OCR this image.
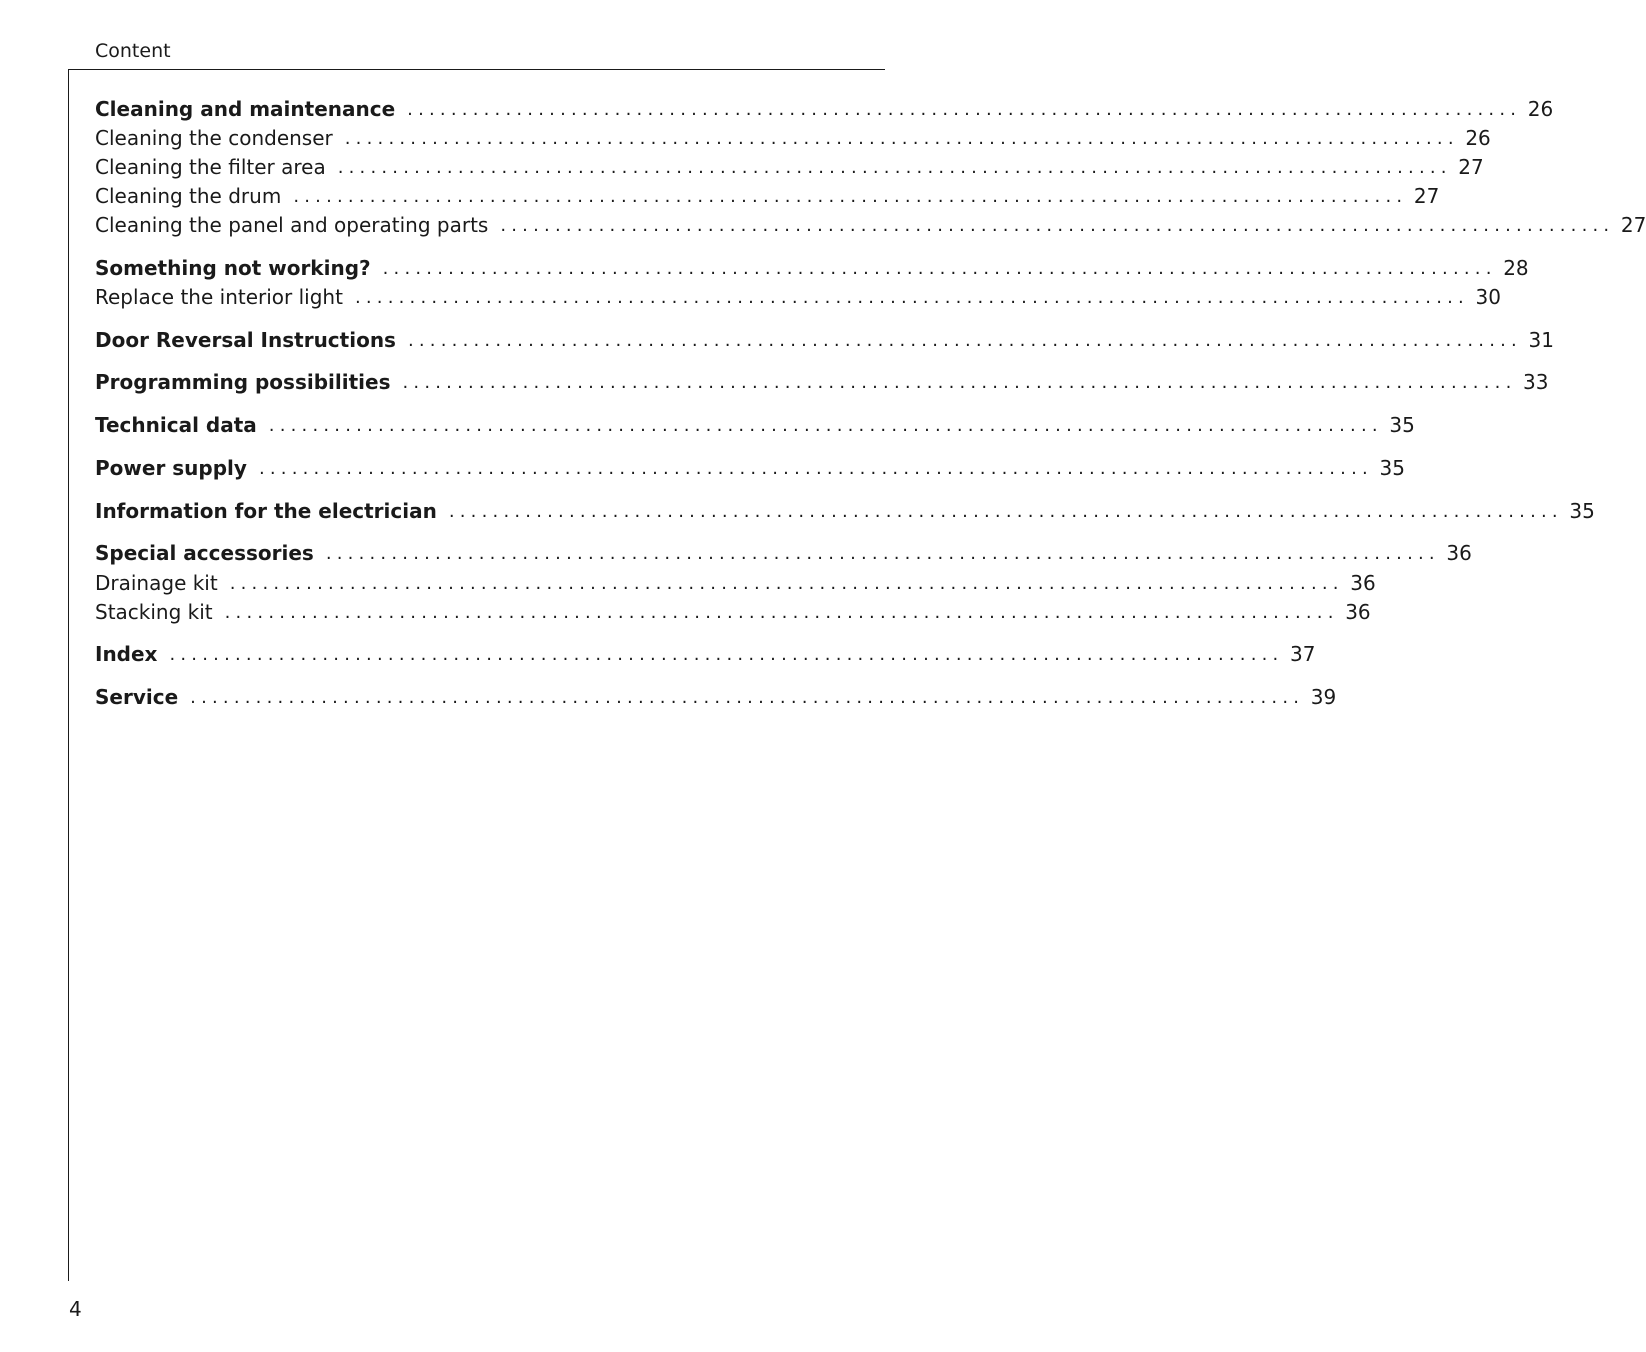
Content
Cleaning and maintenance ...................................................................................................... 26
Cleaning the condenser ...................................................................................................... 26
Cleaning the filter area ...................................................................................................... 27
Cleaning the drum ...................................................................................................... 27
Cleaning the panel and operating parts ...................................................................................................... 27
Something not working? ...................................................................................................... 28
Replace the interior light ...................................................................................................... 30
Door Reversal Instructions ...................................................................................................... 31
Programming possibilities ...................................................................................................... 33
Technical data ...................................................................................................... 35
Power supply ...................................................................................................... 35
Information for the electrician ...................................................................................................... 35
Special accessories ...................................................................................................... 36
Drainage kit ...................................................................................................... 36
Stacking kit ...................................................................................................... 36
Index ...................................................................................................... 37
Service ...................................................................................................... 39
4
